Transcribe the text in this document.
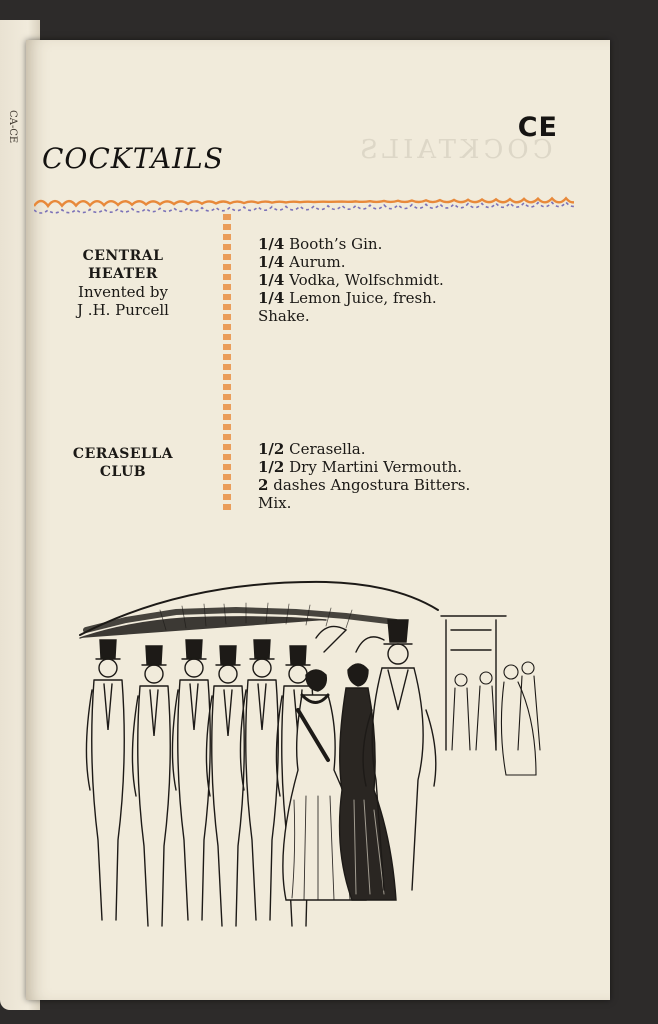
CA-CE
COCKTAILS
CE
COCKTAILS
CENTRAL
HEATER
Invented by
J .H. Purcell
1/4 Booth’s Gin.
1/4 Aurum.
1/4 Vodka, Wolfschmidt.
1/4 Lemon Juice, fresh.
Shake.
CERASELLA
CLUB
1/2 Cerasella.
1/2 Dry Martini Vermouth.
2 dashes Angostura Bitters.
Mix.
